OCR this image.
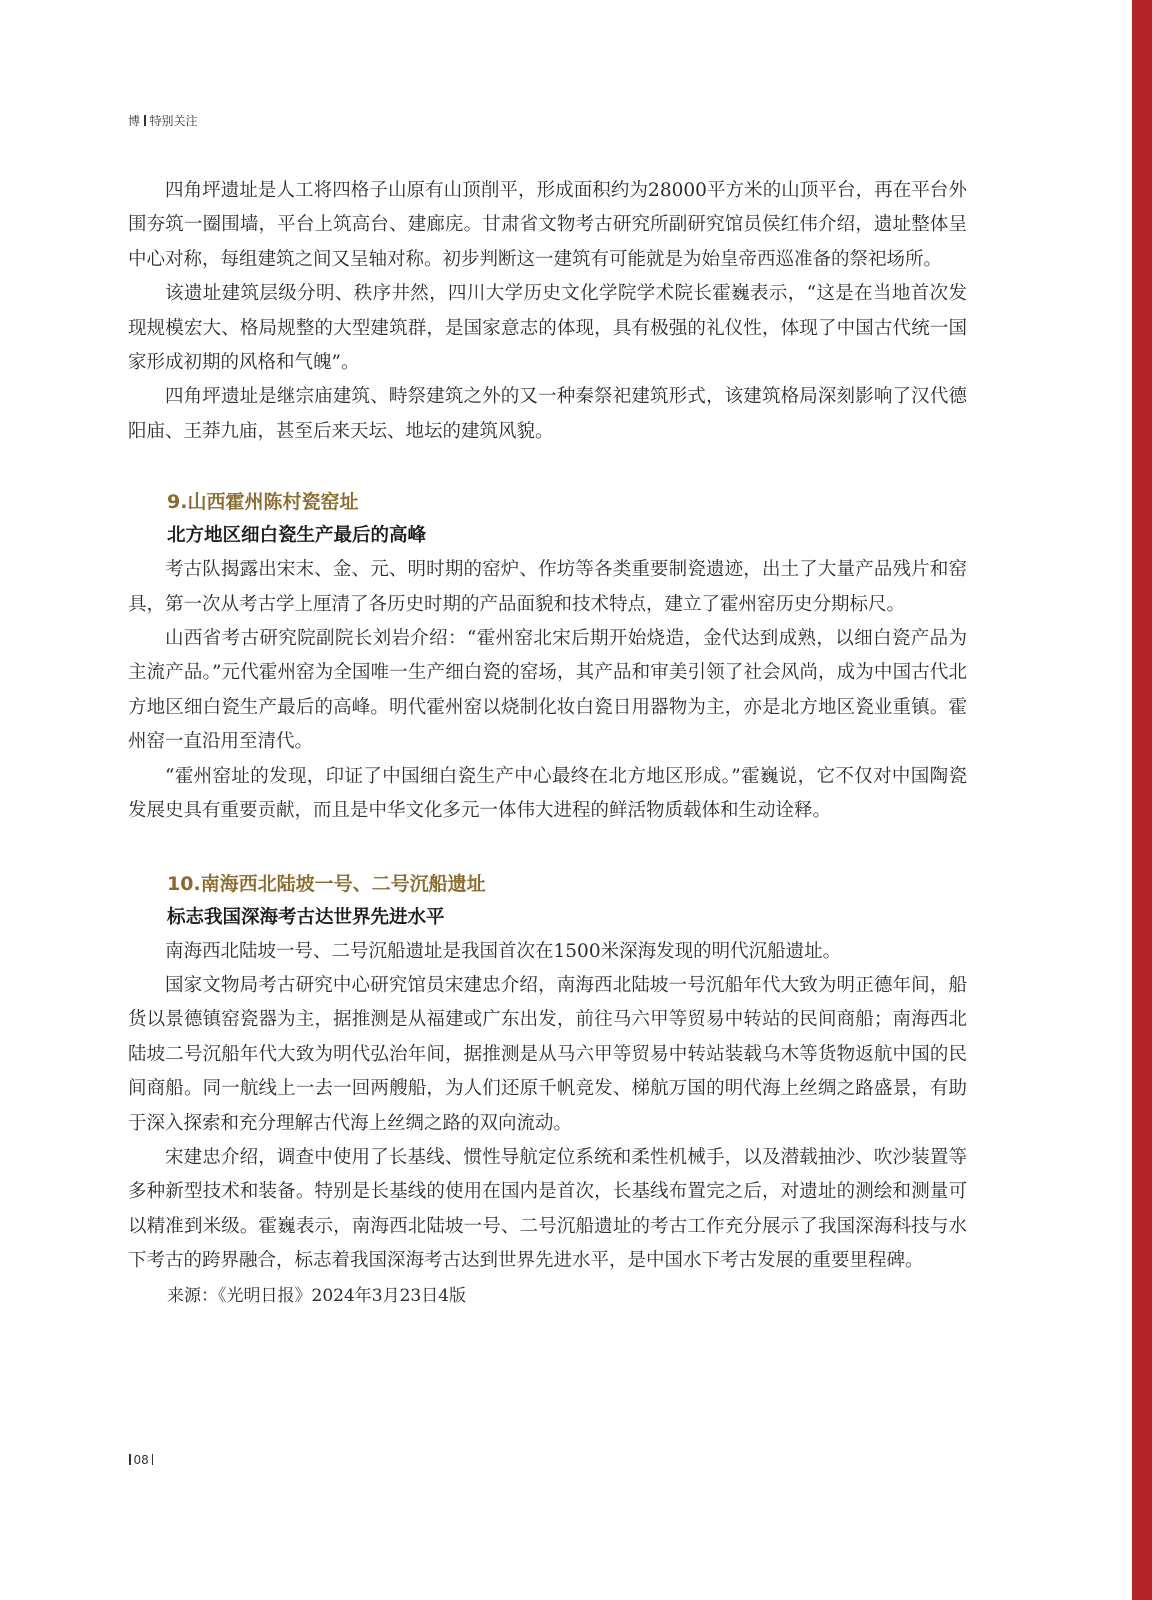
博 特别关注

四角坪遗址是人工将四格子山原有山顶削平，形成面积约为28000平方米的山顶平台，再在平台外围夯筑一圈围墙，平台上筑高台、建廊庑。甘肃省文物考古研究所副研究馆员侯红伟介绍，遗址整体呈中心对称，每组建筑之间又呈轴对称。初步判断这一建筑有可能就是为始皇帝西巡准备的祭祀场所。

该遗址建筑层级分明、秩序井然，四川大学历史文化学院学术院长霍巍表示，“这是在当地首次发现规模宏大、格局规整的大型建筑群，是国家意志的体现，具有极强的礼仪性，体现了中国古代统一国家形成初期的风格和气魄”。

四角坪遗址是继宗庙建筑、畤祭建筑之外的又一种秦祭祀建筑形式，该建筑格局深刻影响了汉代德阳庙、王莽九庙，甚至后来天坛、地坛的建筑风貌。

9.山西霍州陈村瓷窑址
北方地区细白瓷生产最后的高峰

考古队揭露出宋末、金、元、明时期的窑炉、作坊等各类重要制瓷遗迹，出土了大量产品残片和窑具，第一次从考古学上厘清了各历史时期的产品面貌和技术特点，建立了霍州窑历史分期标尺。

山西省考古研究院副院长刘岩介绍：“霍州窑北宋后期开始烧造，金代达到成熟，以细白瓷产品为主流产品。”元代霍州窑为全国唯一生产细白瓷的窑场，其产品和审美引领了社会风尚，成为中国古代北方地区细白瓷生产最后的高峰。明代霍州窑以烧制化妆白瓷日用器物为主，亦是北方地区瓷业重镇。霍州窑一直沿用至清代。

“霍州窑址的发现，印证了中国细白瓷生产中心最终在北方地区形成。”霍巍说，它不仅对中国陶瓷发展史具有重要贡献，而且是中华文化多元一体伟大进程的鲜活物质载体和生动诠释。

10.南海西北陆坡一号、二号沉船遗址
标志我国深海考古达世界先进水平

南海西北陆坡一号、二号沉船遗址是我国首次在1500米深海发现的明代沉船遗址。

国家文物局考古研究中心研究馆员宋建忠介绍，南海西北陆坡一号沉船年代大致为明正德年间，船货以景德镇窑瓷器为主，据推测是从福建或广东出发，前往马六甲等贸易中转站的民间商船；南海西北陆坡二号沉船年代大致为明代弘治年间，据推测是从马六甲等贸易中转站装载乌木等货物返航中国的民间商船。同一航线上一去一回两艘船，为人们还原千帆竞发、梯航万国的明代海上丝绸之路盛景，有助于深入探索和充分理解古代海上丝绸之路的双向流动。

宋建忠介绍，调查中使用了长基线、惯性导航定位系统和柔性机械手，以及潜载抽沙、吹沙装置等多种新型技术和装备。特别是长基线的使用在国内是首次，长基线布置完之后，对遗址的测绘和测量可以精准到米级。霍巍表示，南海西北陆坡一号、二号沉船遗址的考古工作充分展示了我国深海科技与水下考古的跨界融合，标志着我国深海考古达到世界先进水平，是中国水下考古发展的重要里程碑。

来源：《光明日报》2024年3月23日4版
08
